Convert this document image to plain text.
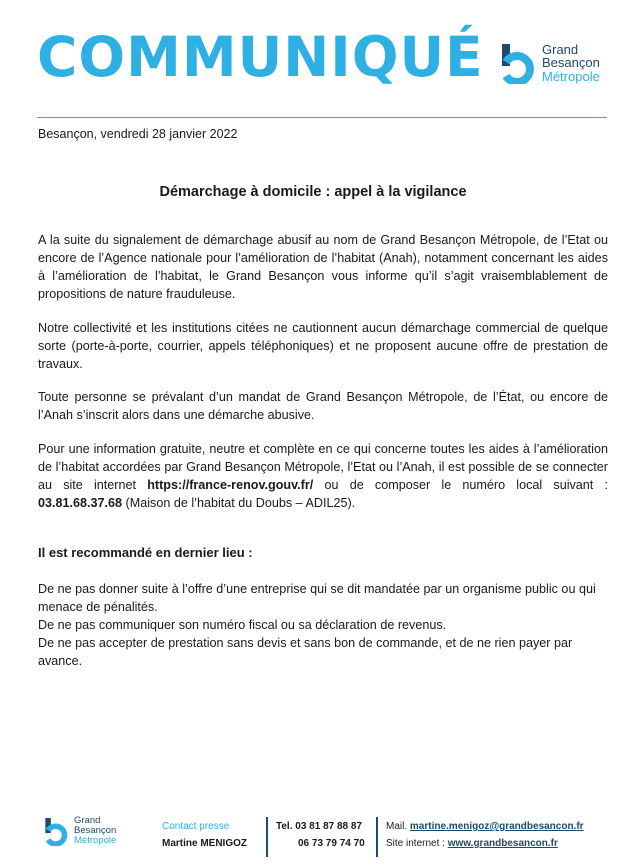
COMMUNIQUÉ	Grand
Besançon
Métropole
Besançon, vendredi 28 janvier 2022
Démarchage à domicile : appel à la vigilance

A la suite du signalement de démarchage abusif au nom de Grand Besançon Métropole, de l’Etat ou encore de l’Agence nationale pour l’amélioration de l’habitat (Anah), notamment concernant les aides à l’amélioration de l’habitat, le Grand Besançon vous informe qu’il s’agit vraisemblablement de propositions de nature frauduleuse.

Notre collectivité et les institutions citées ne cautionnent aucun démarchage commercial de quelque sorte (porte-à-porte, courrier, appels téléphoniques) et ne proposent aucune offre de prestation de travaux.

Toute personne se prévalant d’un mandat de Grand Besançon Métropole, de l’État, ou encore de l’Anah s’inscrit alors dans une démarche abusive.

Pour une information gratuite, neutre et complète en ce qui concerne toutes les aides à l’amélioration de l’habitat accordées par Grand Besançon Métropole, l’Etat ou l’Anah, il est possible de se connecter au site internet https://france-renov.gouv.fr/ ou de composer le numéro local suivant : 03.81.68.37.68 (Maison de l’habitat du Doubs – ADIL25).

Il est recommandé en dernier lieu :

De ne pas donner suite à l’offre d’une entreprise qui se dit mandatée par un organisme public ou qui menace de pénalités.

De ne pas communiquer son numéro fiscal ou sa déclaration de revenus.

De ne pas accepter de prestation sans devis et sans bon de commande, et de ne rien payer par avance.

Grand
Besançon
Métropole
Contact presse
Martine MENIGOZ
Tel. 03 81 87 88 87
06 73 79 74 70
Mail. martine.menigoz@grandbesancon.fr
Site internet : www.grandbesancon.fr
